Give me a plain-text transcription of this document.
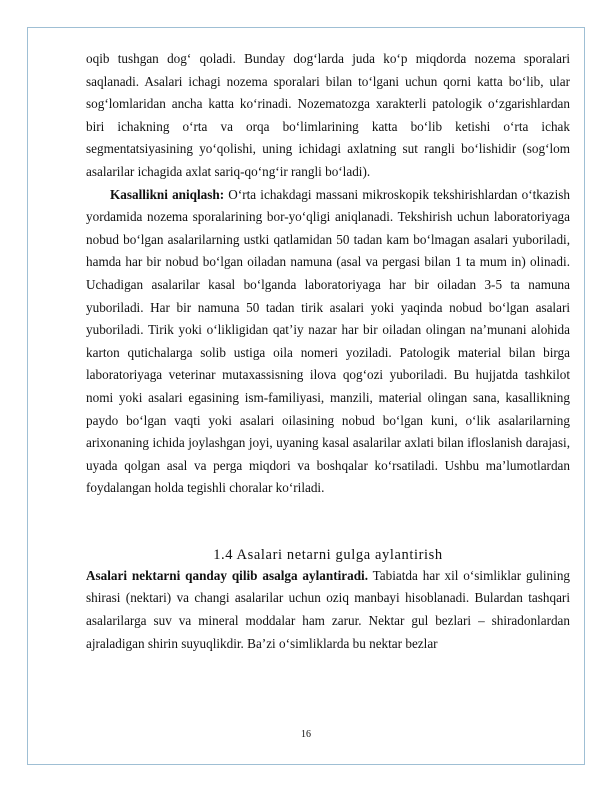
oqib tushgan dog‘ qoladi. Bunday dog‘larda juda ko‘p miqdorda nozema sporalari saqlanadi. Asalari ichagi nozema sporalari bilan to‘lgani uchun qorni katta bo‘lib, ular sog‘lomlaridan ancha katta ko‘rinadi. Nozematozga xarakterli patologik o‘zgarishlardan biri ichakning o‘rta va orqa bo‘limlarining katta bo‘lib ketishi o‘rta ichak segmentatsiyasining yo‘qolishi, uning ichidagi axlatning sut rangli bo‘lishidir (sog‘lom asalarilar ichagida axlat sariq-qo‘ng‘ir rangli bo‘ladi).

Kasallikni aniqlash: O‘rta ichakdagi massani mikroskopik tekshirishlardan o‘tkazish yordamida nozema sporalarining bor-yo‘qligi aniqlanadi. Tekshirish uchun laboratoriyaga nobud bo‘lgan asalarilarning ustki qatlamidan 50 tadan kam bo‘lmagan asalari yuboriladi, hamda har bir nobud bo‘lgan oiladan namuna (asal va pergasi bilan 1 ta mum in) olinadi. Uchadigan asalarilar kasal bo‘lganda laboratoriyaga har bir oiladan 3-5 ta namuna yuboriladi. Har bir namuna 50 tadan tirik asalari yoki yaqinda nobud bo‘lgan asalari yuboriladi. Tirik yoki o‘likligidan qat’iy nazar har bir oiladan olingan na’munani alohida karton qutichalarga solib ustiga oila nomeri yoziladi. Patologik material bilan birga laboratoriyaga veterinar mutaxassisning ilova qog‘ozi yuboriladi. Bu hujjatda tashkilot nomi yoki asalari egasining ism-familiyasi, manzili, material olingan sana, kasallikning paydo bo‘lgan vaqti yoki asalari oilasining nobud bo‘lgan kuni, o‘lik asalarilarning arixonaning ichida joylashgan joyi, uyaning kasal asalarilar axlati bilan ifloslanish darajasi, uyada qolgan asal va perga miqdori va boshqalar ko‘rsatiladi. Ushbu ma’lumotlardan foydalangan holda tegishli choralar ko‘riladi.

1.4 Asalari netarni gulga aylantirish

Asalari nektarni qanday qilib asalga aylantiradi. Tabiatda har xil o‘simliklar gulining shirasi (nektari) va changi asalarilar uchun oziq manbayi hisoblanadi. Bulardan tashqari asalarilarga suv va mineral moddalar ham zarur. Nektar gul bezlari – shiradonlardan ajraladigan shirin suyuqlikdir. Ba’zi o‘simliklarda bu nektar bezlar

16
